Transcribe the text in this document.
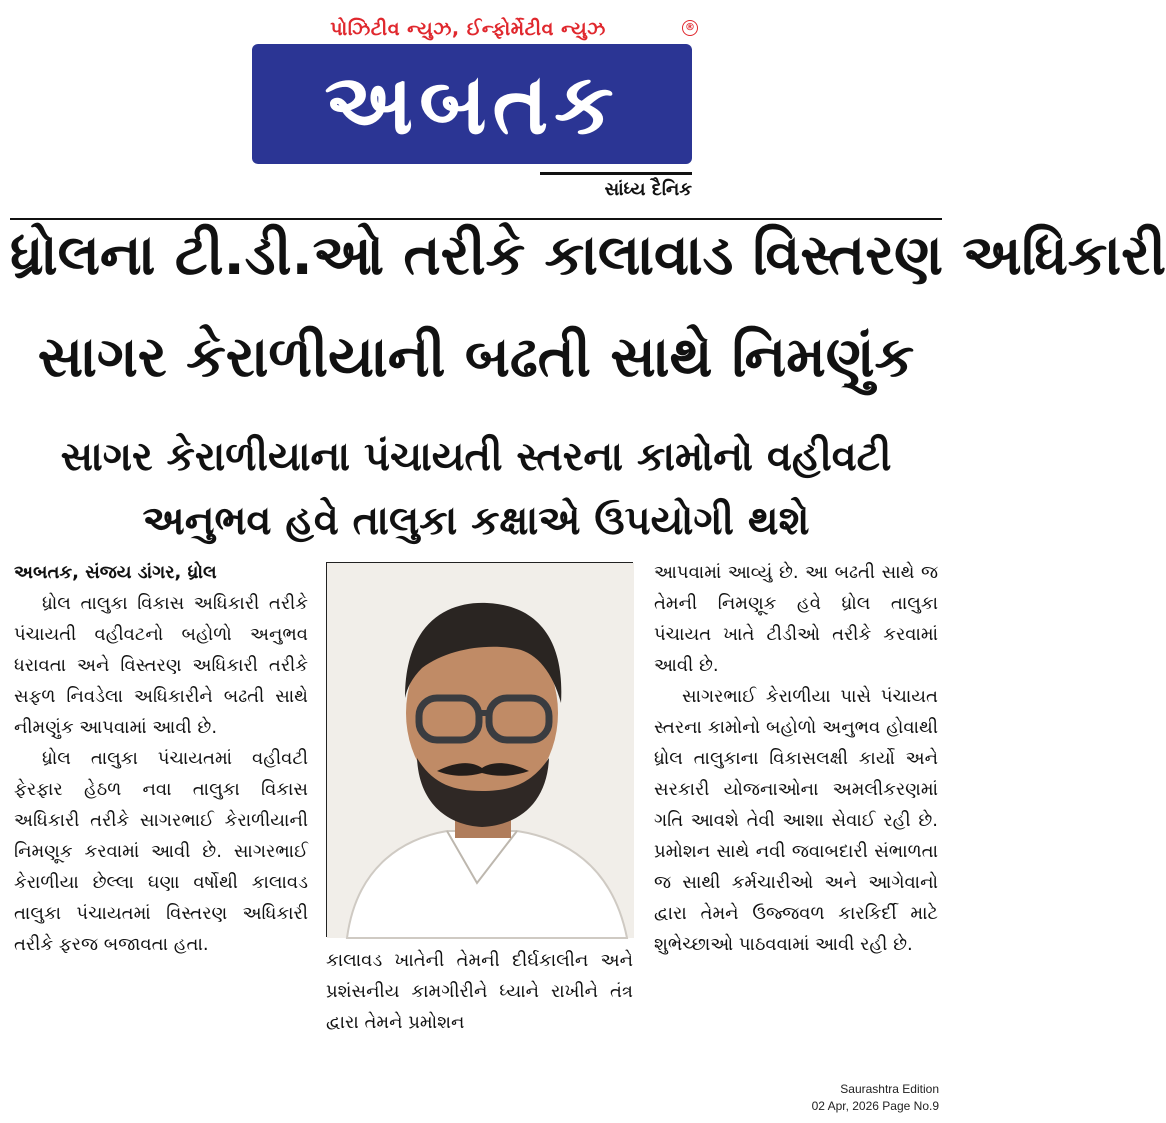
પોઝિટીવ ન્યુઝ, ઈન્ફોર્મેટીવ ન્યુઝ	®
અબતક
સાંધ્ય દૈનિક
ધ્રોલના ટી.ડી.ઓ તરીકે કાલાવાડ વિસ્તરણ અધિકારી
સાગર કેરાળીયાની બઢતી સાથે નિમણુંક
સાગર કેરાળીયાના પંચાયતી સ્તરના કામોનો વહીવટી
અનુભવ હવે તાલુકા કક્ષાએ ઉપયોગી થશે

અબતક, સંજય ડાંગર, ધ્રોલ

ધ્રોલ તાલુકા વિકાસ અધિકારી તરીકે પંચાયતી વહીવટનો બહોળો અનુભવ ધરાવતા અને વિસ્તરણ અધિકારી તરીકે સફળ નિવડેલા અધિકારીને બઢતી સાથે નીમણુંક આપવામાં આવી છે.

ધ્રોલ તાલુકા પંચાયતમાં વહીવટી ફેરફાર હેઠળ નવા તાલુકા વિકાસ અધિકારી તરીકે સાગરભાઈ કેરાળીયાની નિમણૂક કરવામાં આવી છે. સાગરભાઈ કેરાળીયા છેલ્લા ઘણા વર્ષોથી કાલાવડ તાલુકા પંચાયતમાં વિસ્તરણ અધિકારી તરીકે ફરજ બજાવતા હતા.

કાલાવડ ખાતેની તેમની દીર્ઘકાલીન અને પ્રશંસનીય કામગીરીને ધ્યાને રાખીને તંત્ર દ્વારા તેમને પ્રમોશન

આપવામાં આવ્યું છે. આ બઢતી સાથે જ તેમની નિમણૂક હવે ધ્રોલ તાલુકા પંચાયત ખાતે ટીડીઓ તરીકે કરવામાં આવી છે.

સાગરભાઈ કેરાળીયા પાસે પંચાયત સ્તરના કામોનો બહોળો અનુભવ હોવાથી ધ્રોલ તાલુકાના વિકાસલક્ષી કાર્યો અને સરકારી યોજનાઓના અમલીકરણમાં ગતિ આવશે તેવી આશા સેવાઈ રહી છે. પ્રમોશન સાથે નવી જવાબદારી સંભાળતા જ સાથી કર્મચારીઓ અને આગેવાનો દ્વારા તેમને ઉજ્જવળ કારકિર્દી માટે શુભેચ્છાઓ પાઠવવામાં આવી રહી છે.

Saurashtra Edition
02 Apr, 2026 Page No.9
